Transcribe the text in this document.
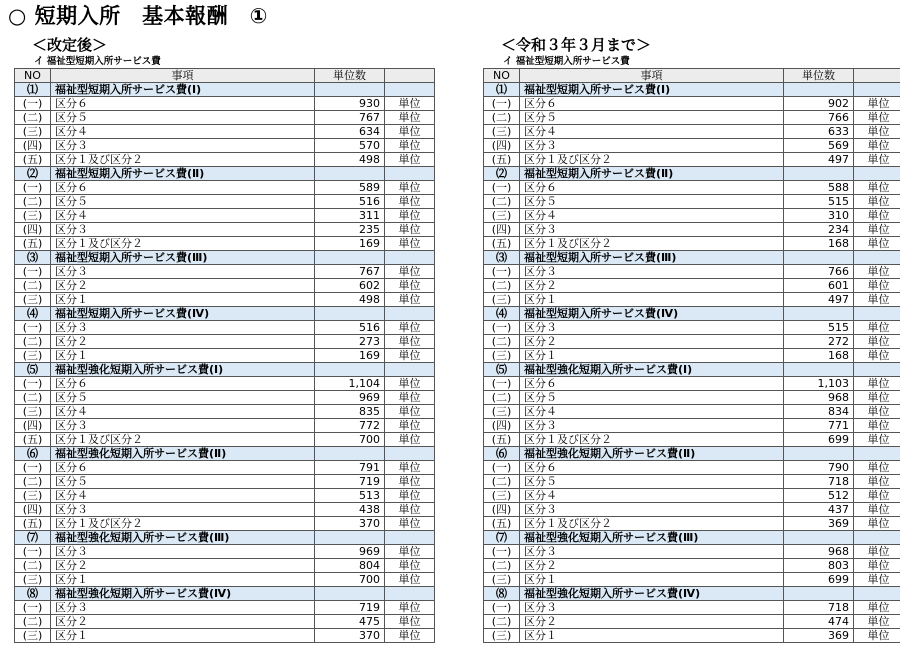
○ 短期入所　基本報酬　①
＜改定後＞
イ 福祉型短期入所サービス費
NO	事項	単位数	
⑴	福祉型短期入所サービス費(Ⅰ)		
(一)	区分６	930	単位
(二)	区分５	767	単位
(三)	区分４	634	単位
(四)	区分３	570	単位
(五)	区分１及び区分２	498	単位
⑵	福祉型短期入所サービス費(Ⅱ)		
(一)	区分６	589	単位
(二)	区分５	516	単位
(三)	区分４	311	単位
(四)	区分３	235	単位
(五)	区分１及び区分２	169	単位
⑶	福祉型短期入所サービス費(Ⅲ)		
(一)	区分３	767	単位
(二)	区分２	602	単位
(三)	区分１	498	単位
⑷	福祉型短期入所サービス費(Ⅳ)		
(一)	区分３	516	単位
(二)	区分２	273	単位
(三)	区分１	169	単位
⑸	福祉型強化短期入所サービス費(Ⅰ)		
(一)	区分６	1,104	単位
(二)	区分５	969	単位
(三)	区分４	835	単位
(四)	区分３	772	単位
(五)	区分１及び区分２	700	単位
⑹	福祉型強化短期入所サービス費(Ⅱ)		
(一)	区分６	791	単位
(二)	区分５	719	単位
(三)	区分４	513	単位
(四)	区分３	438	単位
(五)	区分１及び区分２	370	単位
⑺	福祉型強化短期入所サービス費(Ⅲ)		
(一)	区分３	969	単位
(二)	区分２	804	単位
(三)	区分１	700	単位
⑻	福祉型強化短期入所サービス費(Ⅳ)		
(一)	区分３	719	単位
(二)	区分２	475	単位
(三)	区分１	370	単位
＜令和３年３月まで＞
イ 福祉型短期入所サービス費
NO	事項	単位数	
⑴	福祉型短期入所サービス費(Ⅰ)		
(一)	区分６	902	単位
(二)	区分５	766	単位
(三)	区分４	633	単位
(四)	区分３	569	単位
(五)	区分１及び区分２	497	単位
⑵	福祉型短期入所サービス費(Ⅱ)		
(一)	区分６	588	単位
(二)	区分５	515	単位
(三)	区分４	310	単位
(四)	区分３	234	単位
(五)	区分１及び区分２	168	単位
⑶	福祉型短期入所サービス費(Ⅲ)		
(一)	区分３	766	単位
(二)	区分２	601	単位
(三)	区分１	497	単位
⑷	福祉型短期入所サービス費(Ⅳ)		
(一)	区分３	515	単位
(二)	区分２	272	単位
(三)	区分１	168	単位
⑸	福祉型強化短期入所サービス費(Ⅰ)		
(一)	区分６	1,103	単位
(二)	区分５	968	単位
(三)	区分４	834	単位
(四)	区分３	771	単位
(五)	区分１及び区分２	699	単位
⑹	福祉型強化短期入所サービス費(Ⅱ)		
(一)	区分６	790	単位
(二)	区分５	718	単位
(三)	区分４	512	単位
(四)	区分３	437	単位
(五)	区分１及び区分２	369	単位
⑺	福祉型強化短期入所サービス費(Ⅲ)		
(一)	区分３	968	単位
(二)	区分２	803	単位
(三)	区分１	699	単位
⑻	福祉型強化短期入所サービス費(Ⅳ)		
(一)	区分３	718	単位
(二)	区分２	474	単位
(三)	区分１	369	単位
